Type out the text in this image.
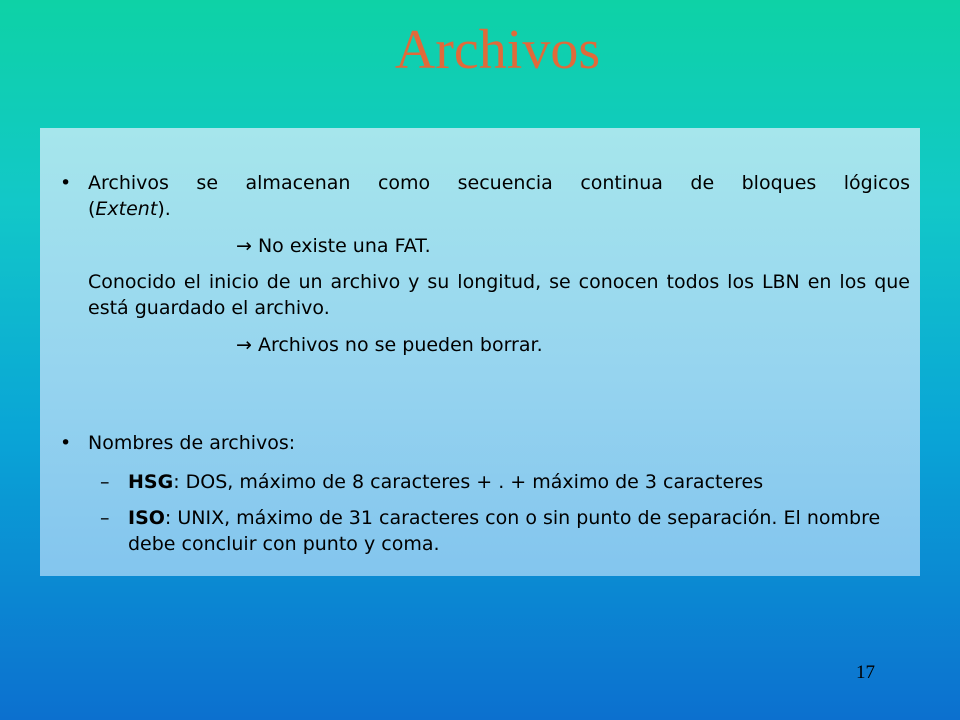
Archivos
• Archivos se almacenan como secuencia continua de bloques lógicos
(Extent).
→ No existe una FAT.
Conocido el inicio de un archivo y su longitud, se conocen todos los LBN en los que está guardado el archivo.
→ Archivos no se pueden borrar.
• Nombres de archivos:
– HSG: DOS, máximo de 8 caracteres + . + máximo de 3 caracteres
– ISO: UNIX, máximo de 31 caracteres con o sin punto de separación. El nombre debe concluir con punto y coma.
17
